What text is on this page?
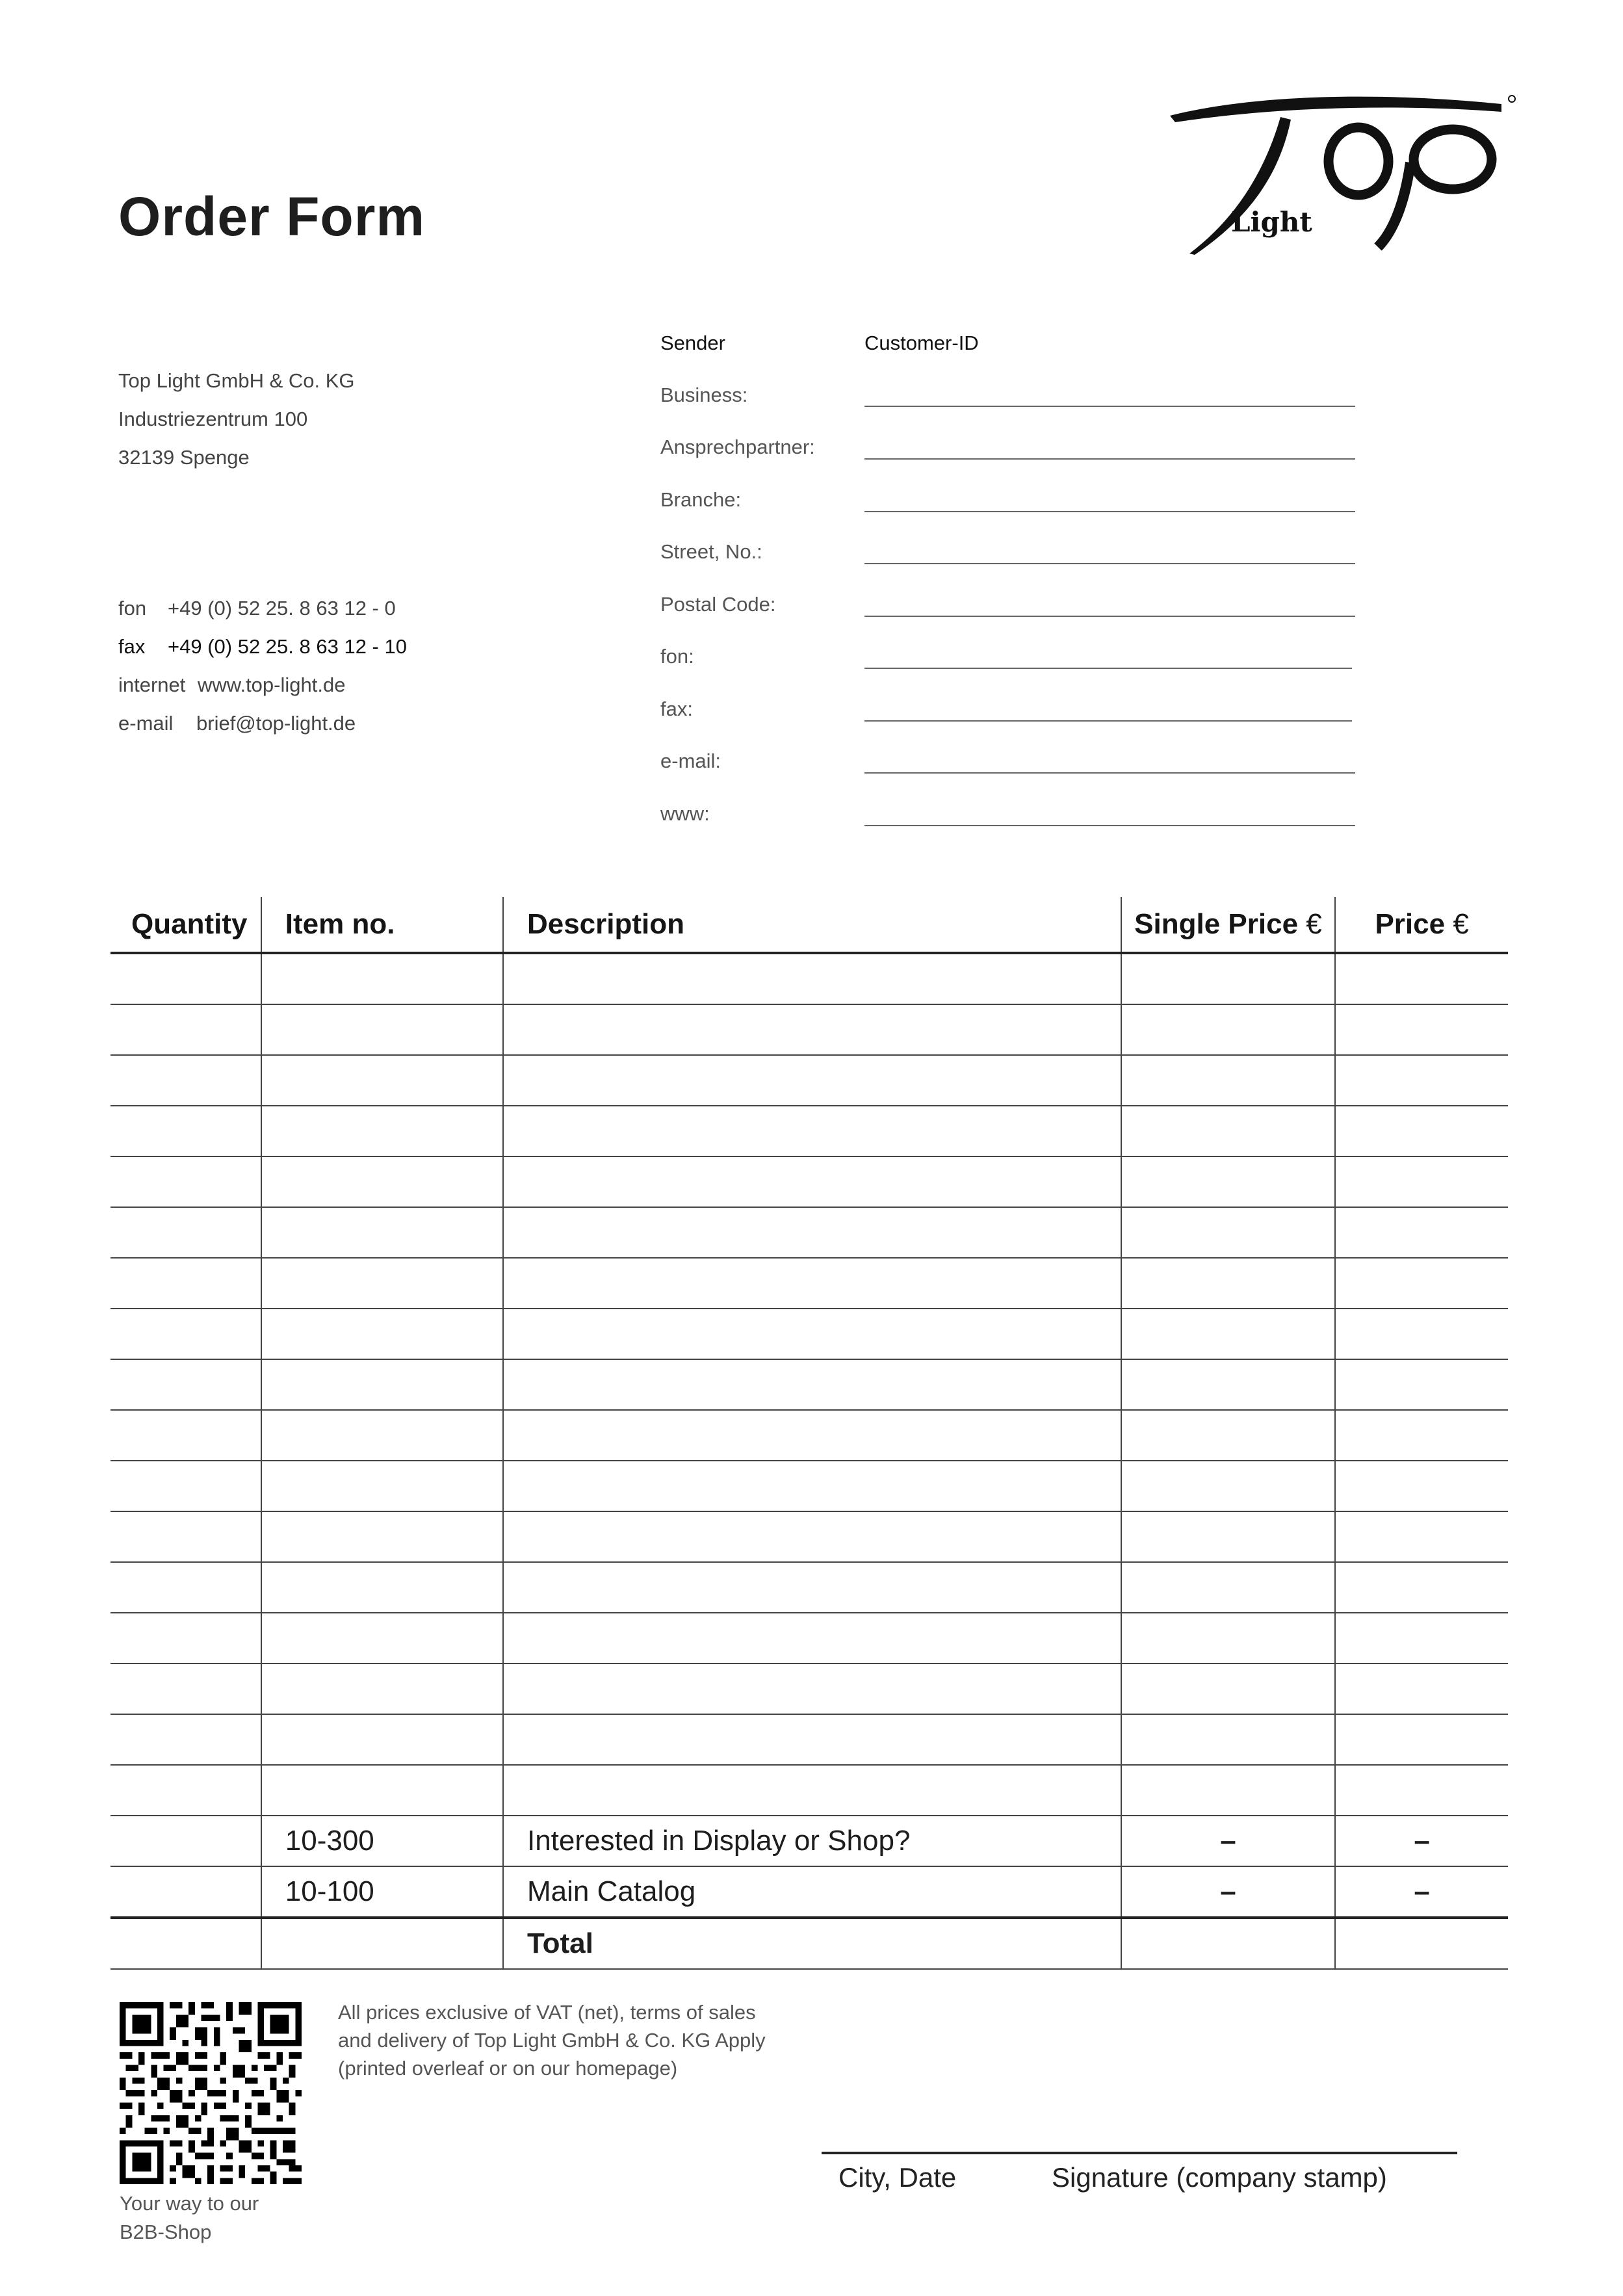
Order Form	Light
Top Light GmbH & Co. KG
Industriezentrum 100
32139 Spenge
fon +49 (0) 52 25. 8 63 12 - 0
fax +49 (0) 52 25. 8 63 12 - 10
internet www.top-light.de
e-mail brief@top-light.de
Sender	Customer-ID
Business:
Ansprechpartner:
Branche:
Street, No.:
Postal Code:
fon:
fax:
e-mail:
www:
Quantity	Item no.	Description	Single Price €	Price €

	10-300	Interested in Display or Shop?	–	–
	10-100	Main Catalog	–	–
		Total		
Your way to our
B2B-Shop
All prices exclusive of VAT (net), terms of sales
and delivery of Top Light GmbH & Co. KG Apply
(printed overleaf or on our homepage)
City, Date	Signature (company stamp)
